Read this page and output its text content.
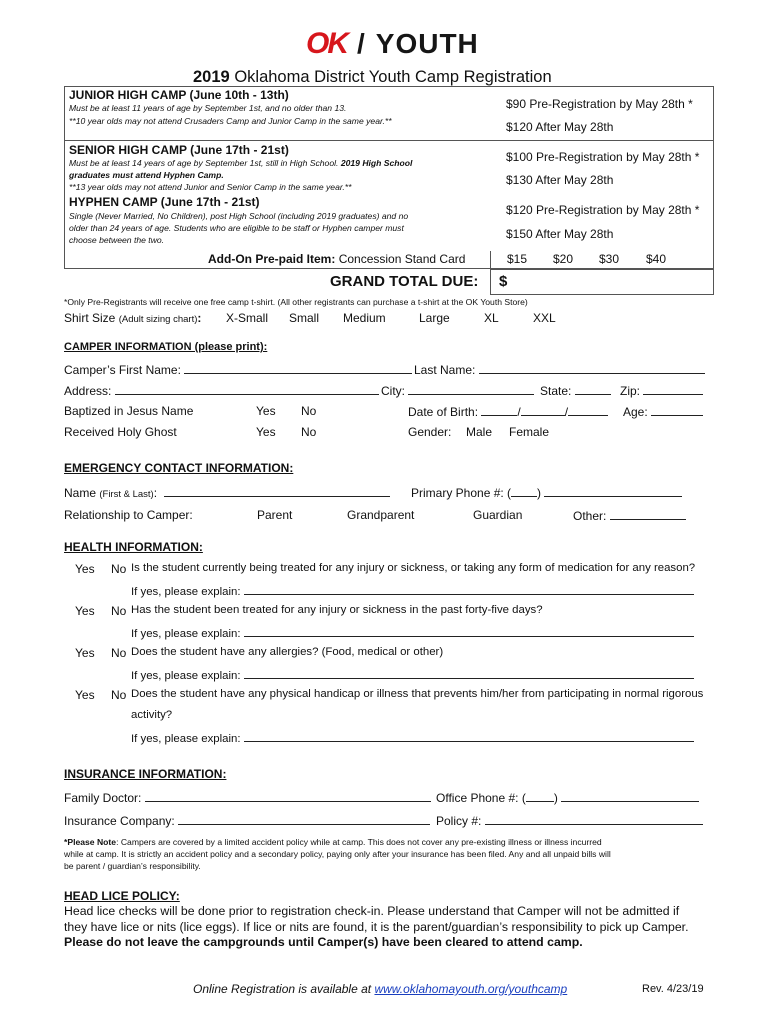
OK / YOUTH
2019 Oklahoma District Youth Camp Registration
JUNIOR HIGH CAMP (June 10th - 13th)
Must be at least 11 years of age by September 1st, and no older than 13.
**10 year olds may not attend Crusaders Camp and Junior Camp in the same year.**
$90 Pre-Registration by May 28th *
$120 After May 28th
SENIOR HIGH CAMP (June 17th - 21st)
Must be at least 14 years of age by September 1st, still in High School. 2019 High School
graduates must attend Hyphen Camp.
**13 year olds may not attend Junior and Senior Camp in the same year.**
$100 Pre-Registration by May 28th *
$130 After May 28th
HYPHEN CAMP (June 17th - 21st)
Single (Never Married, No Children), post High School (including 2019 graduates) and no
older than 24 years of age. Students who are eligible to be staff or Hyphen camper must
choose between the two.
$120 Pre-Registration by May 28th *
$150 After May 28th
Add-On Pre-paid Item: Concession Stand Card	$15 $20 $30 $40
GRAND TOTAL DUE: $
*Only Pre-Registrants will receive one free camp t-shirt. (All other registrants can purchase a t-shirt at the OK Youth Store)
Shirt Size (Adult sizing chart): X-Small Small Medium	Large	XL	XXL
CAMPER INFORMATION (please print):
Camper’s First Name:	Last Name:
Address:	City:	State:	Zip:
Baptized in Jesus Name	Yes No	Date of Birth:	/	/	Age:
Received Holy Ghost	Yes No	Gender: Male Female
EMERGENCY CONTACT INFORMATION:
Name (First & Last):	Primary Phone #: ( )
Relationship to Camper:	Parent	Grandparent	Guardian	Other:
HEALTH INFORMATION:
Yes No Is the student currently being treated for any injury or sickness, or taking any form of medication for any reason?
If yes, please explain:
Yes No Has the student been treated for any injury or sickness in the past forty-five days?
If yes, please explain:
Yes No Does the student have any allergies? (Food, medical or other)
If yes, please explain:
Yes No Does the student have any physical handicap or illness that prevents him/her from participating in normal rigorous
activity?
If yes, please explain:
INSURANCE INFORMATION:
Family Doctor:	Office Phone #: ( )
Insurance Company:	Policy #:
*Please Note: Campers are covered by a limited accident policy while at camp. This does not cover any pre-existing illness or illness incurred
while at camp. It is strictly an accident policy and a secondary policy, paying only after your insurance has been filed. Any and all unpaid bills will
be parent / guardian’s responsibility.
HEAD LICE POLICY:
Head lice checks will be done prior to registration check-in. Please understand that Camper will not be admitted if
they have lice or nits (lice eggs). If lice or nits are found, it is the parent/guardian’s responsibility to pick up Camper.
Please do not leave the campgrounds until Camper(s) have been cleared to attend camp.
Online Registration is available at www.oklahomayouth.org/youthcamp	Rev. 4/23/19
